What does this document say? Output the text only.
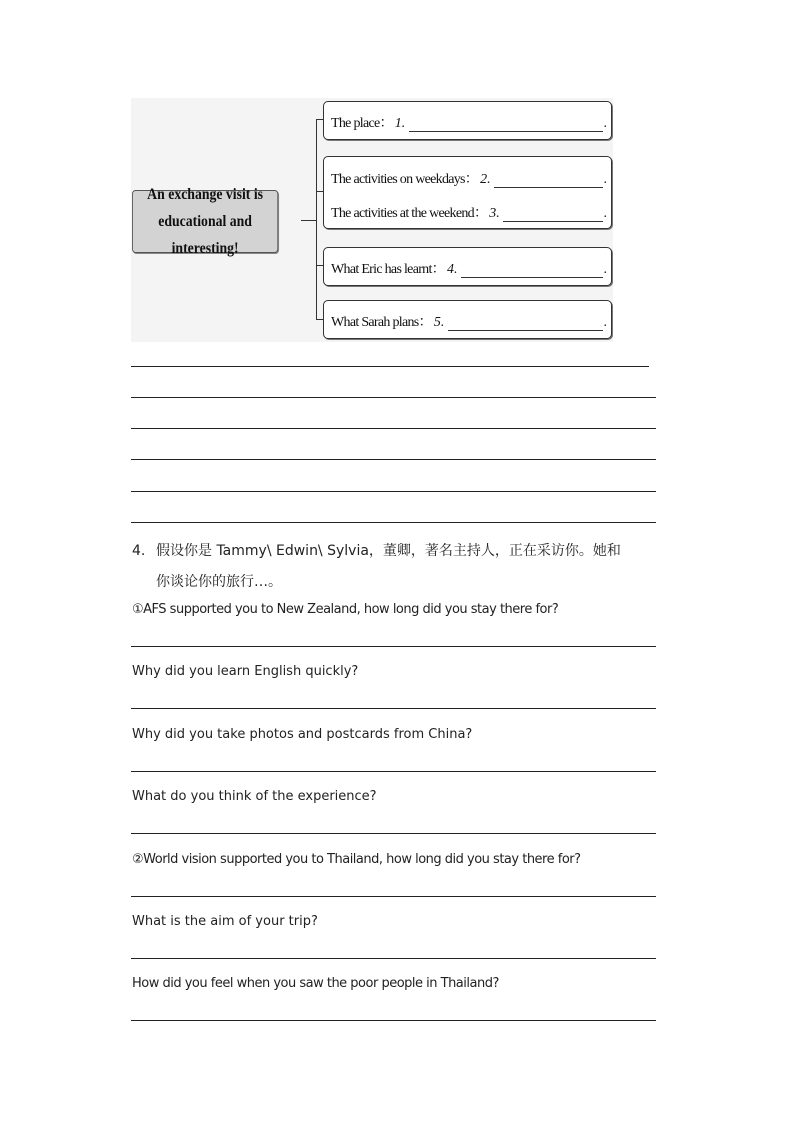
An exchange visit is
educational and interesting!
The place： 1.	.
The activities on weekdays： 2.	.
The activities at the weekend： 3.	.
What Eric has learnt： 4.	.
What Sarah plans： 5.	.
4. 假设你是 Tammy\ Edwin\ Sylvia，董卿，著名主持人，正在采访你。她和
你谈论你的旅行…。
①AFS supported you to New Zealand, how long did you stay there for?
Why did you learn English quickly?
Why did you take photos and postcards from China?
What do you think of the experience?
②World vision supported you to Thailand, how long did you stay there for?
What is the aim of your trip?
How did you feel when you saw the poor people in Thailand?
